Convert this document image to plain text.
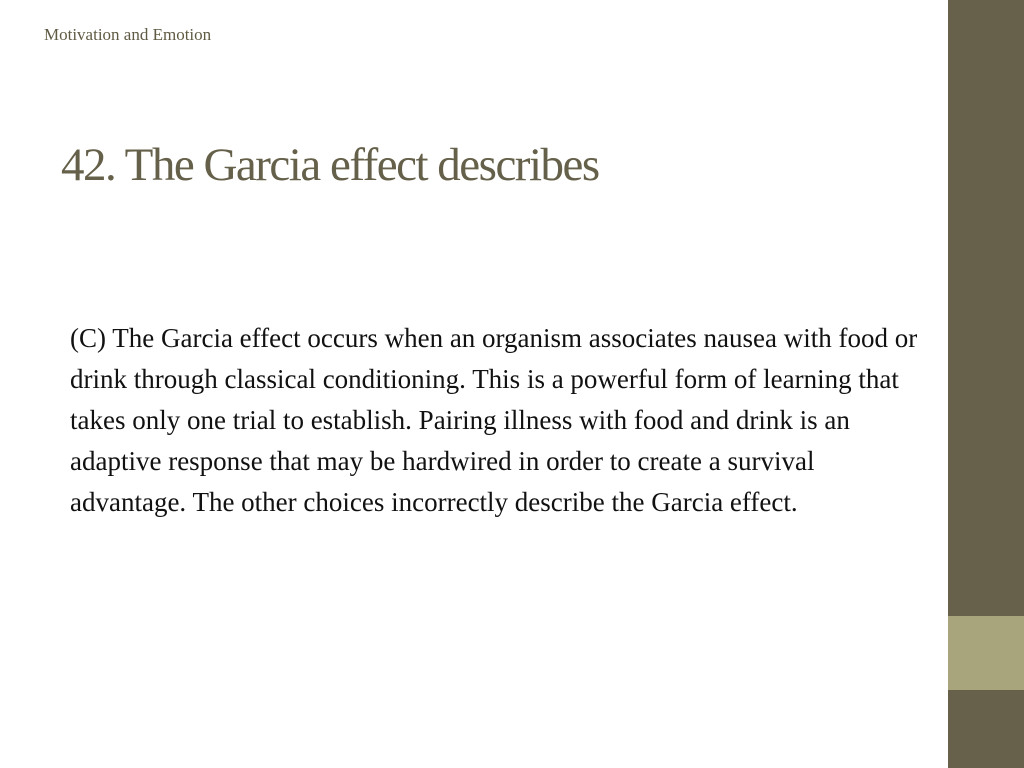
Motivation and Emotion
42. The Garcia effect describes

(C) The Garcia effect occurs when an organism associates nausea with food or drink through classical conditioning. This is a powerful form of learning that takes only one trial to establish. Pairing illness with food and drink is an adaptive response that may be hardwired in order to create a survival advantage. The other choices incorrectly describe the Garcia effect.
